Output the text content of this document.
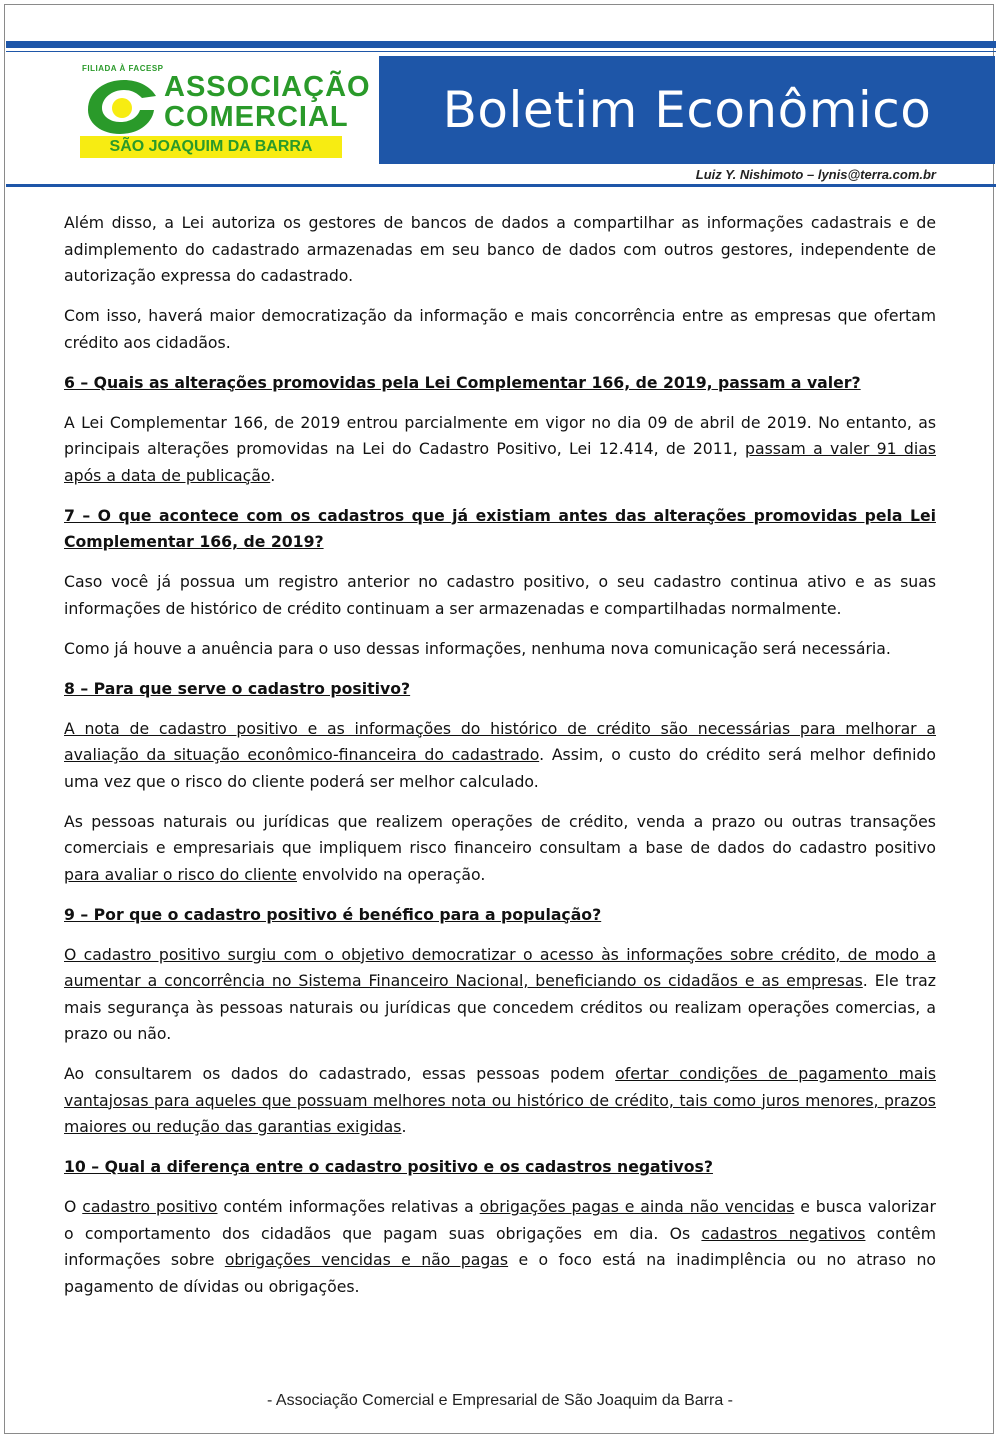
FILIADA À FACESP
ASSOCIAÇÃO
COMERCIAL
SÃO JOAQUIM DA BARRA
Boletim Econômico
Luiz Y. Nishimoto – lynis@terra.com.br

Além disso, a Lei autoriza os gestores de bancos de dados a compartilhar as informações cadastrais e de adimplemento do cadastrado armazenadas em seu banco de dados com outros gestores, independente de autorização expressa do cadastrado.

Com isso, haverá maior democratização da informação e mais concorrência entre as empresas que ofertam crédito aos cidadãos.

6 – Quais as alterações promovidas pela Lei Complementar 166, de 2019, passam a valer?

A Lei Complementar 166, de 2019 entrou parcialmente em vigor no dia 09 de abril de 2019. No entanto, as principais alterações promovidas na Lei do Cadastro Positivo, Lei 12.414, de 2011, passam a valer 91 dias após a data de publicação.

7 – O que acontece com os cadastros que já existiam antes das alterações promovidas pela Lei Complementar 166, de 2019?

Caso você já possua um registro anterior no cadastro positivo, o seu cadastro continua ativo e as suas informações de histórico de crédito continuam a ser armazenadas e compartilhadas normalmente.

Como já houve a anuência para o uso dessas informações, nenhuma nova comunicação será necessária.

8 – Para que serve o cadastro positivo?

A nota de cadastro positivo e as informações do histórico de crédito são necessárias para melhorar a avaliação da situação econômico-financeira do cadastrado. Assim, o custo do crédito será melhor definido uma vez que o risco do cliente poderá ser melhor calculado.

As pessoas naturais ou jurídicas que realizem operações de crédito, venda a prazo ou outras transações comerciais e empresariais que impliquem risco financeiro consultam a base de dados do cadastro positivo para avaliar o risco do cliente envolvido na operação.

9 – Por que o cadastro positivo é benéfico para a população?

O cadastro positivo surgiu com o objetivo democratizar o acesso às informações sobre crédito, de modo a aumentar a concorrência no Sistema Financeiro Nacional, beneficiando os cidadãos e as empresas. Ele traz mais segurança às pessoas naturais ou jurídicas que concedem créditos ou realizam operações comercias, a prazo ou não.

Ao consultarem os dados do cadastrado, essas pessoas podem ofertar condições de pagamento mais vantajosas para aqueles que possuam melhores nota ou histórico de crédito, tais como juros menores, prazos maiores ou redução das garantias exigidas.

10 – Qual a diferença entre o cadastro positivo e os cadastros negativos?

O cadastro positivo contém informações relativas a obrigações pagas e ainda não vencidas e busca valorizar o comportamento dos cidadãos que pagam suas obrigações em dia. Os cadastros negativos contêm informações sobre obrigações vencidas e não pagas e o foco está na inadimplência ou no atraso no pagamento de dívidas ou obrigações.

- Associação Comercial e Empresarial de São Joaquim da Barra -
